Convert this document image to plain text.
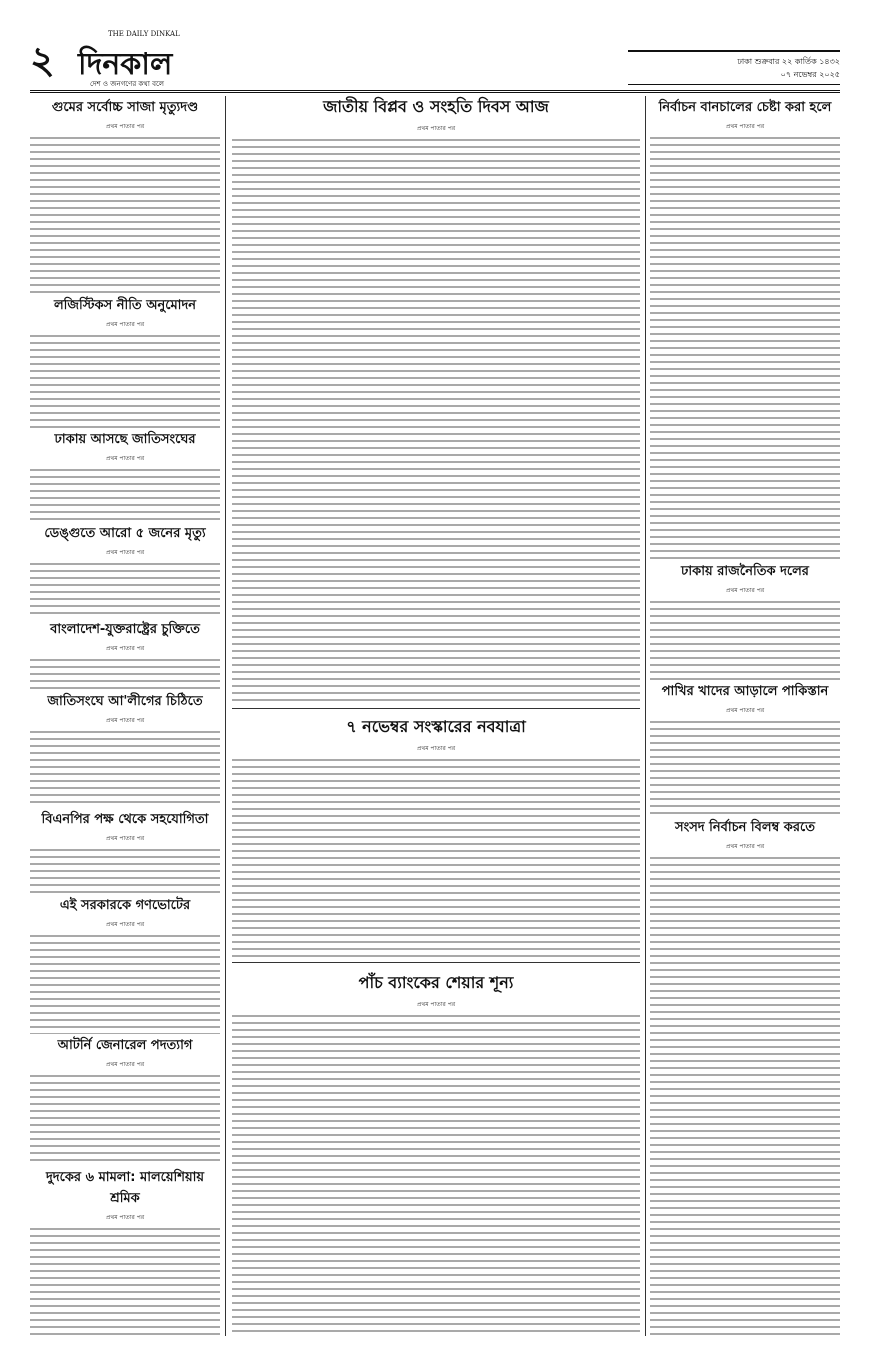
২ দিনকাল
THE DAILY DINKAL
দেশ ও জনগণের কথা বলে
ঢাকা শুক্রবার ২২ কার্তিক ১৪৩২
০৭ নভেম্বর ২০২৫
গুমের সর্বোচ্চ সাজা মৃত্যুদণ্ড
প্রথম পাতার পর
লজিস্টিকস নীতি অনুমোদন
প্রথম পাতার পর
ঢাকায় আসছে জাতিসংঘের
প্রথম পাতার পর
ডেঙ্গুতে আরো ৫ জনের মৃত্যু
প্রথম পাতার পর
বাংলাদেশ-যুক্তরাষ্ট্রের চুক্তিতে
প্রথম পাতার পর
জাতিসংঘে আ'লীগের চিঠিতে
প্রথম পাতার পর
বিএনপির পক্ষ থেকে সহযোগিতা
প্রথম পাতার পর
এই সরকারকে গণভোটের
প্রথম পাতার পর
আটর্নি জেনারেল পদত্যাগ
প্রথম পাতার পর
দুদকের ৬ মামলা: মালয়েশিয়ায় শ্রমিক
প্রথম পাতার পর
জাতীয় বিপ্লব ও সংহতি দিবস আজ
প্রথম পাতার পর
৭ নভেম্বর সংস্কারের নবযাত্রা
প্রথম পাতার পর
পাঁচ ব্যাংকের শেয়ার শূন্য
প্রথম পাতার পর
নির্বাচন বানচালের চেষ্টা করা হলে
প্রথম পাতার পর
ঢাকায় রাজনৈতিক দলের
প্রথম পাতার পর
পাখির খাদের আড়ালে পাকিস্তান
প্রথম পাতার পর
সংসদ নির্বাচন বিলম্ব করতে
প্রথম পাতার পর
